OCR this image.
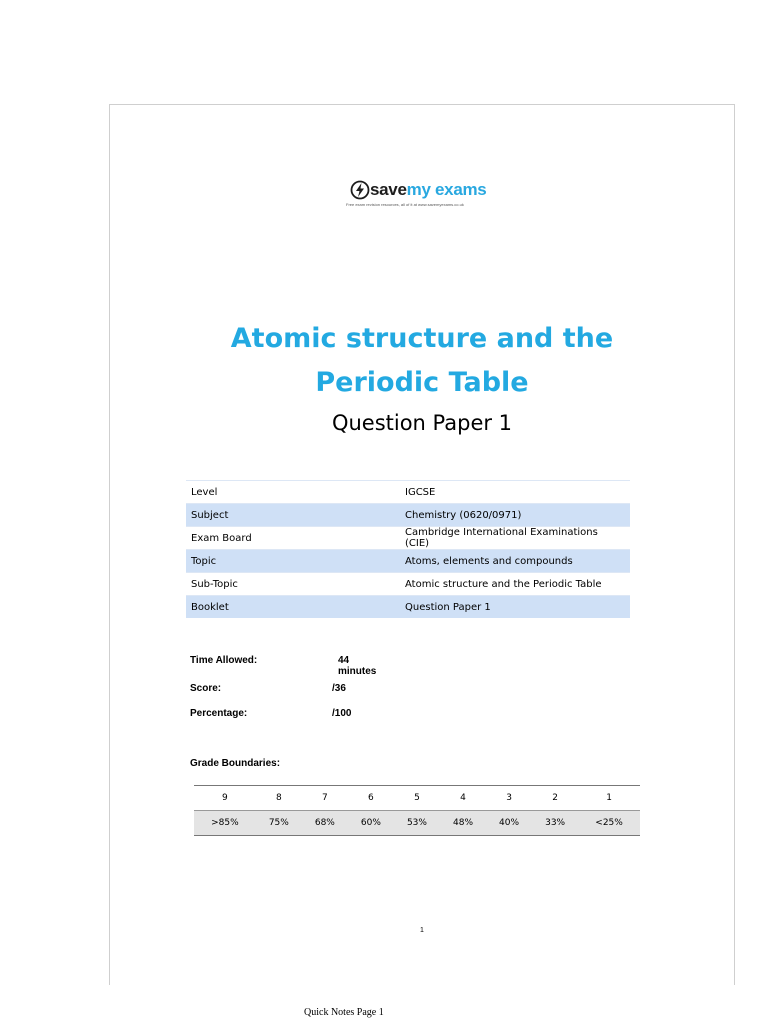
savemy exams
Free exam revision resources, all of it at www.savemyexams.co.uk
Atomic structure and the
Periodic Table
Question Paper 1
Level	IGCSE
Subject	Chemistry (0620/0971)
Exam Board	Cambridge International Examinations (CIE)
Topic	Atoms, elements and compounds
Sub-Topic	Atomic structure and the Periodic Table
Booklet	Question Paper 1
Time Allowed:	44 minutes
Score:	/36
Percentage:	/100
Grade Boundaries:
9	8	7	6	5	4	3	2	1
>85%	75%	68%	60%	53%	48%	40%	33%	<25%
1
Quick Notes Page 1
